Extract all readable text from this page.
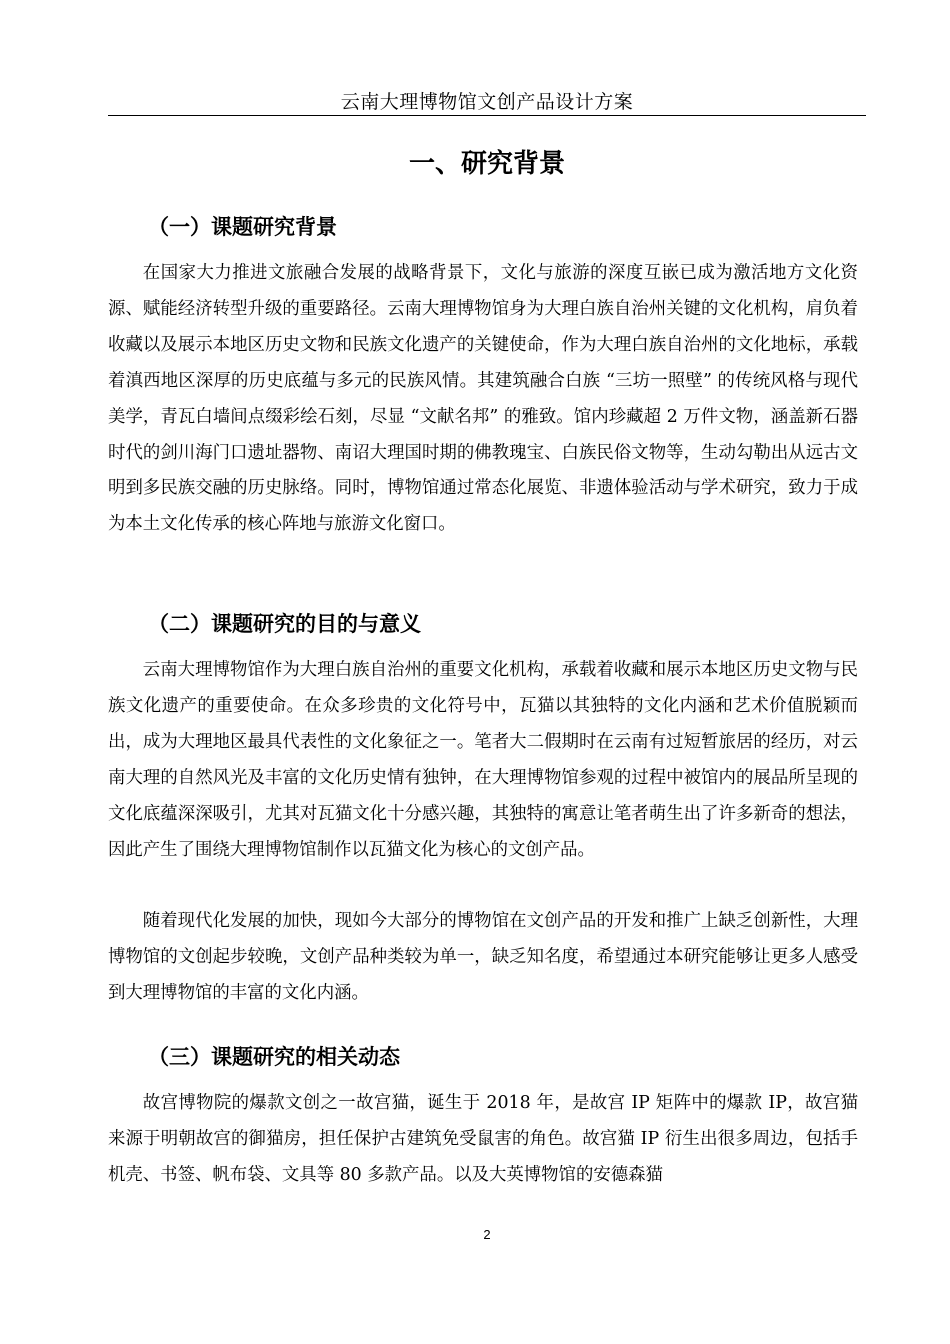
云南大理博物馆文创产品设计方案
一、研究背景
（一）课题研究背景

在国家大力推进文旅融合发展的战略背景下，文化与旅游的深度互嵌已成为激活地方文化资源、赋能经济转型升级的重要路径。云南大理博物馆身为大理白族自治州关键的文化机构，肩负着收藏以及展示本地区历史文物和民族文化遗产的关键使命，作为大理白族自治州的文化地标，承载着滇西地区深厚的历史底蕴与多元的民族风情。其建筑融合白族 “三坊一照壁” 的传统风格与现代美学，青瓦白墙间点缀彩绘石刻，尽显 “文献名邦” 的雅致。馆内珍藏超 2 万件文物，涵盖新石器时代的剑川海门口遗址器物、南诏大理国时期的佛教瑰宝、白族民俗文物等，生动勾勒出从远古文明到多民族交融的历史脉络。同时，博物馆通过常态化展览、非遗体验活动与学术研究，致力于成为本土文化传承的核心阵地与旅游文化窗口。

（二）课题研究的目的与意义

云南大理博物馆作为大理白族自治州的重要文化机构，承载着收藏和展示本地区历史文物与民族文化遗产的重要使命。在众多珍贵的文化符号中，瓦猫以其独特的文化内涵和艺术价值脱颖而出，成为大理地区最具代表性的文化象征之一。笔者大二假期时在云南有过短暂旅居的经历，对云南大理的自然风光及丰富的文化历史情有独钟，在大理博物馆参观的过程中被馆内的展品所呈现的文化底蕴深深吸引，尤其对瓦猫文化十分感兴趣，其独特的寓意让笔者萌生出了许多新奇的想法，因此产生了围绕大理博物馆制作以瓦猫文化为核心的文创产品。

随着现代化发展的加快，现如今大部分的博物馆在文创产品的开发和推广上缺乏创新性，大理博物馆的文创起步较晚，文创产品种类较为单一，缺乏知名度，希望通过本研究能够让更多人感受到大理博物馆的丰富的文化内涵。

（三）课题研究的相关动态

故宫博物院的爆款文创之一故宫猫，诞生于 2018 年，是故宫 IP 矩阵中的爆款 IP，故宫猫来源于明朝故宫的御猫房，担任保护古建筑免受鼠害的角色。故宫猫 IP 衍生出很多周边，包括手机壳、书签、帆布袋、文具等 80 多款产品。以及大英博物馆的安德森猫

2
